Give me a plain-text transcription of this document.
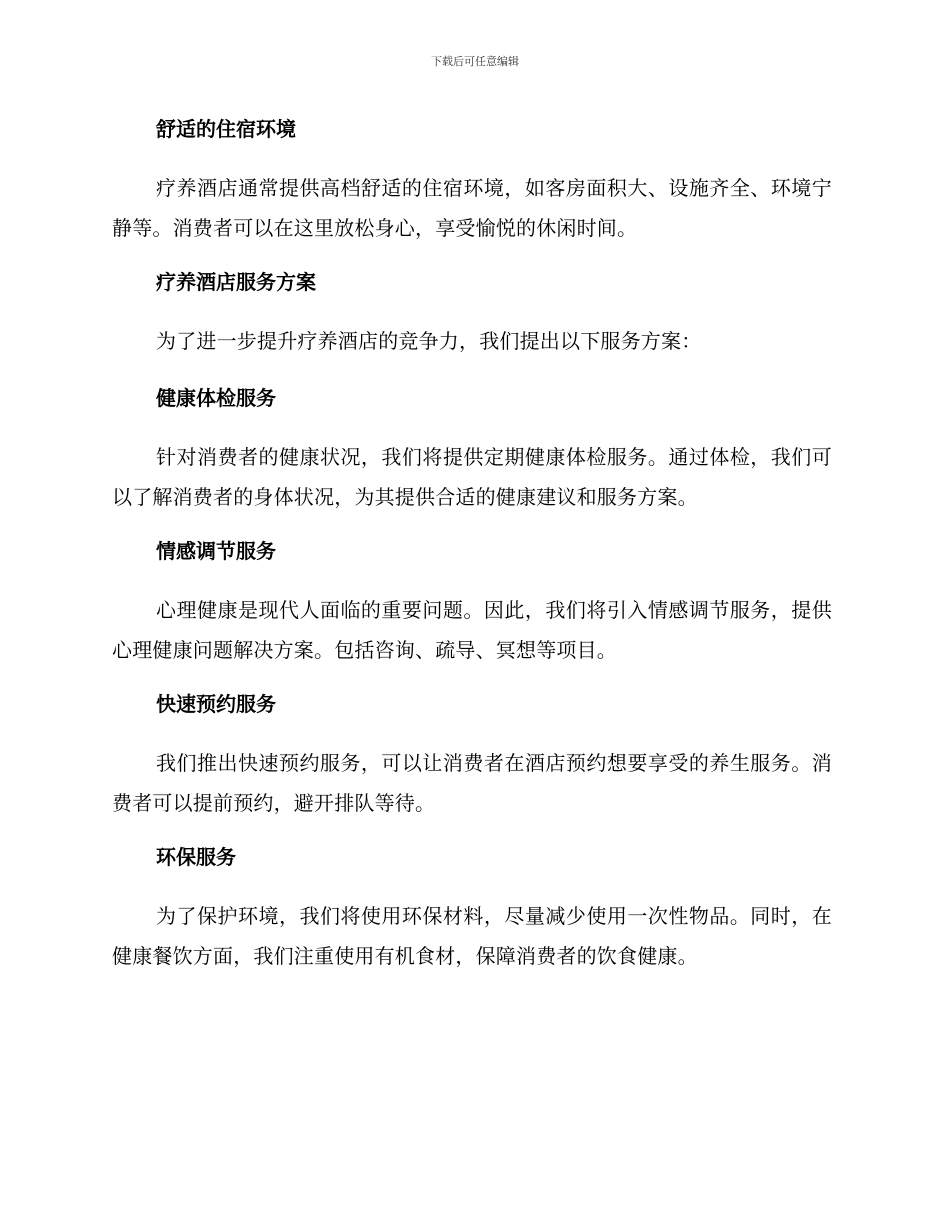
下载后可任意编辑
舒适的住宿环境

疗养酒店通常提供高档舒适的住宿环境，如客房面积大、设施齐全、环境宁静等。消费者可以在这里放松身心，享受愉悦的休闲时间。

疗养酒店服务方案

为了进一步提升疗养酒店的竞争力，我们提出以下服务方案：

健康体检服务

针对消费者的健康状况，我们将提供定期健康体检服务。通过体检，我们可以了解消费者的身体状况，为其提供合适的健康建议和服务方案。

情感调节服务

心理健康是现代人面临的重要问题。因此，我们将引入情感调节服务，提供心理健康问题解决方案。包括咨询、疏导、冥想等项目。

快速预约服务

我们推出快速预约服务，可以让消费者在酒店预约想要享受的养生服务。消费者可以提前预约，避开排队等待。

环保服务

为了保护环境，我们将使用环保材料，尽量减少使用一次性物品。同时，在健康餐饮方面，我们注重使用有机食材，保障消费者的饮食健康。
